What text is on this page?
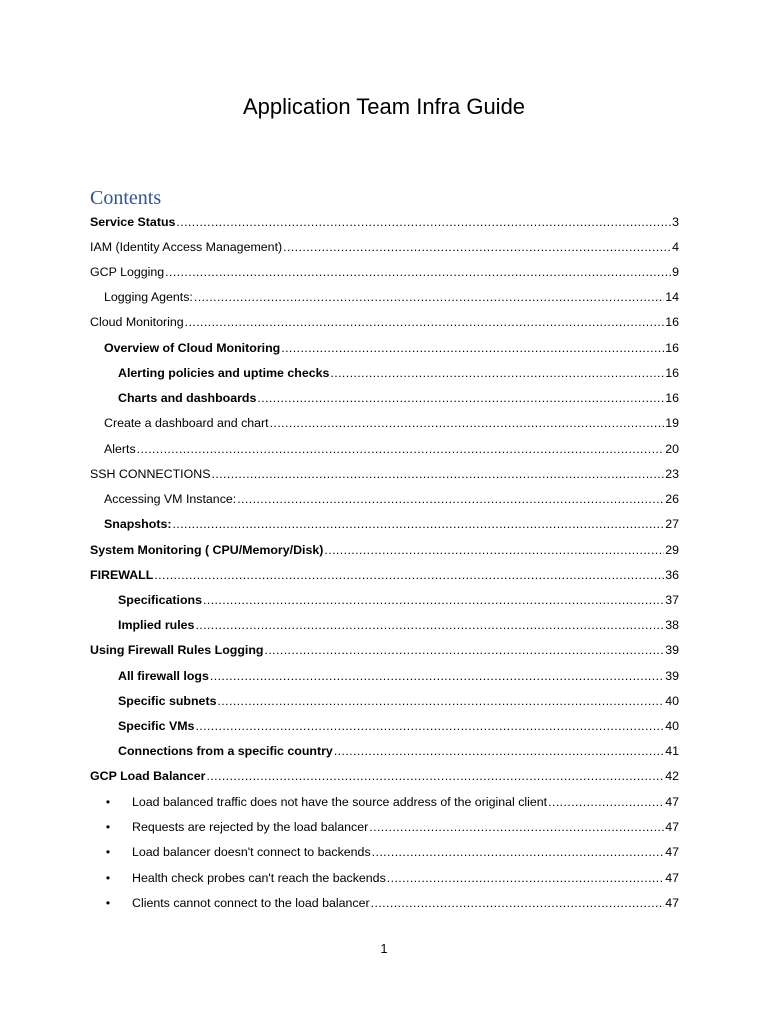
Application Team Infra Guide
Contents
Service Status .....	3
IAM (Identity Access Management) .....	4
GCP Logging .....	9
Logging Agents: .....	14
Cloud Monitoring .....	16
Overview of Cloud Monitoring .....	16
Alerting policies and uptime checks .....	16
Charts and dashboards .....	16
Create a dashboard and chart .....	19
Alerts .....	20
SSH CONNECTIONS .....	23
Accessing VM Instance: .....	26
Snapshots: .....	27
System Monitoring ( CPU/Memory/Disk) .....	29
FIREWALL .....	36
Specifications .....	37
Implied rules .....	38
Using Firewall Rules Logging .....	39
All firewall logs .....	39
Specific subnets .....	40
Specific VMs .....	40
Connections from a specific country .....	41
GCP Load Balancer .....	42
• Load balanced traffic does not have the source address of the original client .....	47
• Requests are rejected by the load balancer .....	47
• Load balancer doesn't connect to backends .....	47
• Health check probes can't reach the backends .....	47
• Clients cannot connect to the load balancer .....	47
1
